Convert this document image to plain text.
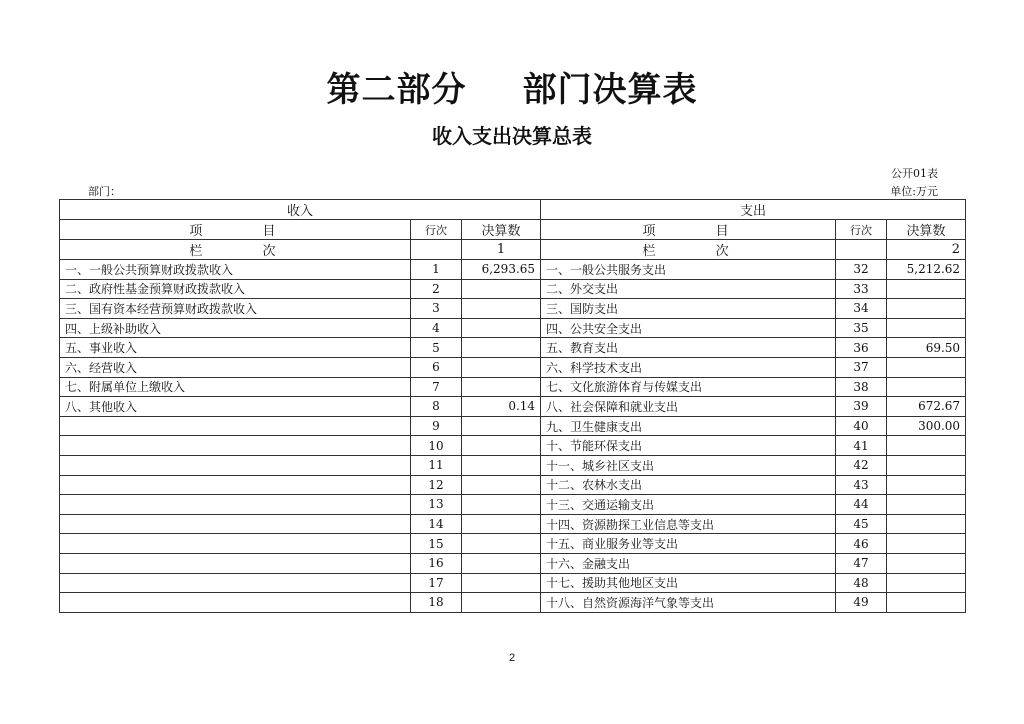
第二部分 部门决算表
收入支出决算总表
公开01表
部门：	单位:万元
收入			支出		
项 目	行次	决算数	项 目	行次	决算数
栏 次		1	栏 次		2
一、一般公共预算财政拨款收入	1	6,293.65	一、一般公共服务支出	32	5,212.62
二、政府性基金预算财政拨款收入	2		二、外交支出	33	
三、国有资本经营预算财政拨款收入	3		三、国防支出	34	
四、上级补助收入	4		四、公共安全支出	35	
五、事业收入	5		五、教育支出	36	69.50
六、经营收入	6		六、科学技术支出	37	
七、附属单位上缴收入	7		七、文化旅游体育与传媒支出	38	
八、其他收入	8	0.14	八、社会保障和就业支出	39	672.67
	9		九、卫生健康支出	40	300.00
	10		十、节能环保支出	41	
	11		十一、城乡社区支出	42	
	12		十二、农林水支出	43	
	13		十三、交通运输支出	44	
	14		十四、资源勘探工业信息等支出	45	
	15		十五、商业服务业等支出	46	
	16		十六、金融支出	47	
	17		十七、援助其他地区支出	48	
	18		十八、自然资源海洋气象等支出	49	
2
